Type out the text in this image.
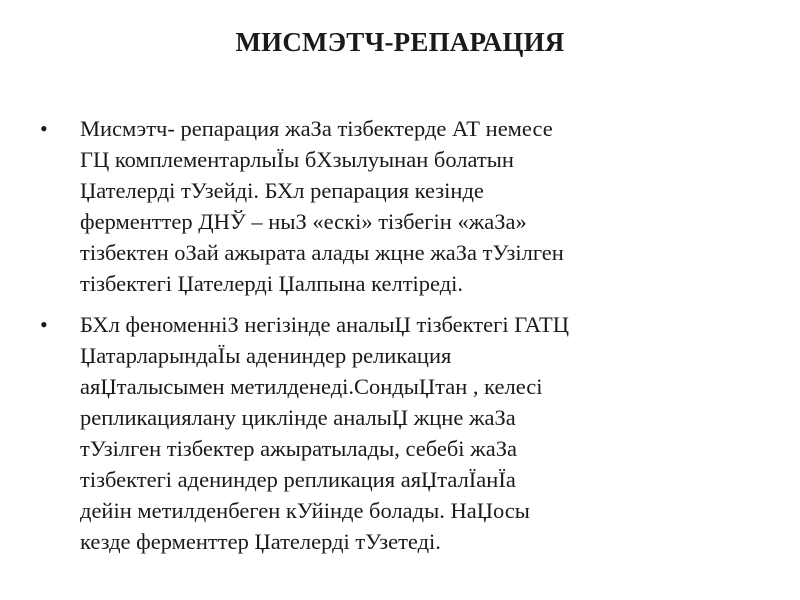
МИСМЭТЧ-РЕПАРАЦИЯ
• Мисмэтч- репарация жаЗа тізбектерде АТ немесе
ГЦ комплементарлыЇы бХзылуынан болатын
Џателерді тУзейді. БХл репарация кезінде
ферменттер ДНЎ – ныЗ «ескі» тізбегін «жаЗа»
тізбектен оЗай ажырата алады жцне жаЗа тУзілген
тізбектегі Џателерді Џалпына келтіреді.
• БХл феноменніЗ негізінде аналыЏ тізбектегі ГАТЦ
ЏатарларындаЇы адениндер реликация
аяЏталысымен метилденеді.СондыЏтан , келесі
репликациялану циклінде аналыЏ жцне жаЗа
тУзілген тізбектер ажыратылады, себебі жаЗа
тізбектегі адениндер репликация аяЏталЇанЇа
дейін метилденбеген кУйінде болады. НаЏосы
кезде ферменттер Џателерді тУзетеді.
